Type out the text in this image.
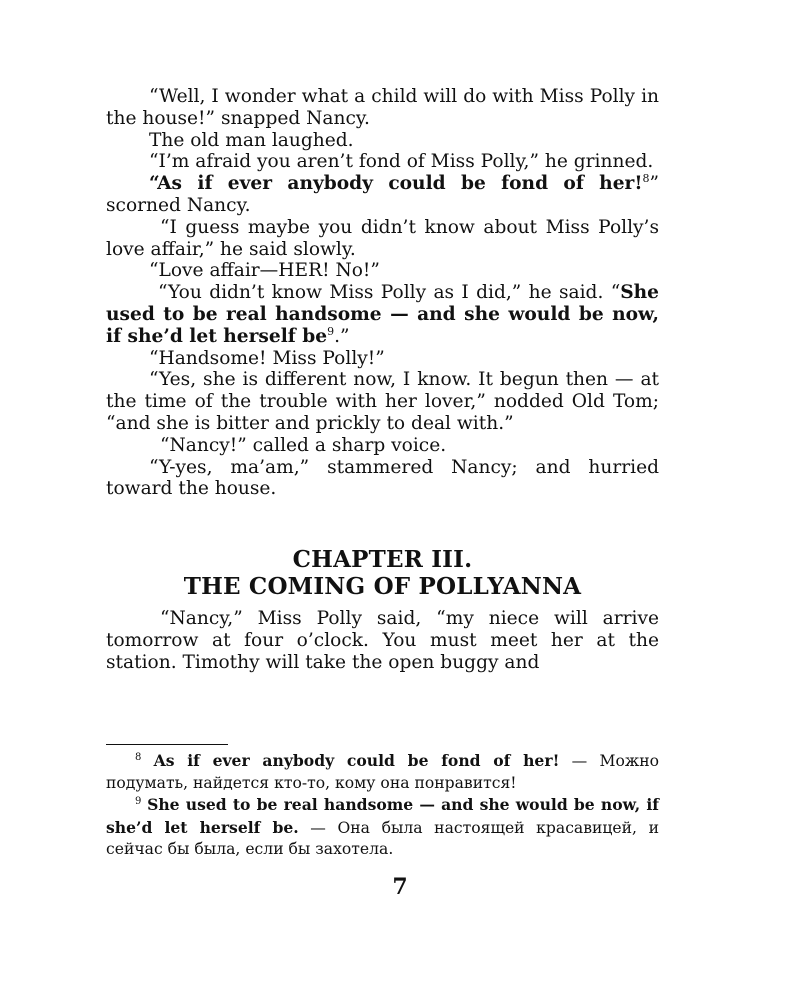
“Well, I wonder what a child will do with Miss Polly in the house!” snapped Nancy.

The old man laughed.

“I’m afraid you aren’t fond of Miss Polly,” he grinned.

“As if ever anybody could be fond of her!$^8$” scorned Nancy.

“I guess maybe you didn’t know about Miss Polly’s love affair,” he said slowly.

“Love affair—HER! No!”

“You didn’t know Miss Polly as I did,” he said. “She used to be real handsome — and she would be now, if she’d let herself $be^9$.”

“Handsome! Miss Polly!”

“Yes, she is different now, I know. It begun then — at the time of the trouble with her lover,” nodded Old Tom; “and she is bitter and prickly to deal with.”

“Nancy!” called a sharp voice.

“Y-yes, ma’am,” stammered Nancy; and hurried toward the house.

CHAPTER III.
THE COMING OF POLLYANNA

“Nancy,” Miss Polly said, “my niece will arrive tomorrow at four o’clock. You must meet her at the station. Timothy will take the open buggy and

$^8$ As if ever anybody could be fond of her! — Можно подумать, найдется кто-то, кому она понравится!

$^9$ She used to be real handsome — and she would be now, if she’d let herself be. — Она была настоящей красавицей, и сейчас бы была, если бы захотела.

7
